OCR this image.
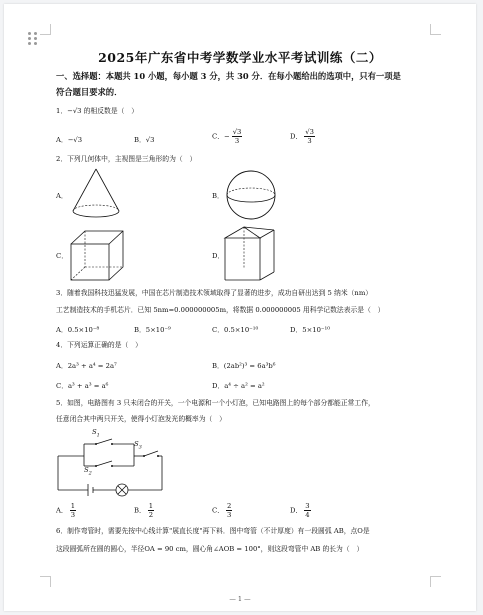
2025年广东省中考学数学业水平考试训练（二）
一、选择题：本题共 10 小题，每小题 3 分，共 30 分．在每小题给出的选项中，只有一项是
符合题目要求的．
1．−√3 的相反数是（　）
A．−√3	B．√3	C．− $\frac{√3}{3}$	D． $\frac{√3}{3}$
2．下列几何体中，主视图是三角形的为（　）
A．	B．
C．	D．
3．随着我国科技迅猛发展，中国在芯片制造技术领域取得了显著的进步，成功自研出达到 5 纳米（nm）
工艺制造技术的手机芯片．已知 5nm=0.000000005m，将数据 0.000000005 用科学记数法表示是（　）
A．0.5×10⁻⁸	B．5×10⁻⁹	C．0.5×10⁻¹⁰	D．5×10⁻¹⁰
4．下列运算正确的是（　）
A．2a³ + a⁴ = 2a⁷	B．(2ab²)³ = 6a³b⁶
C．a³ + a³ = a⁶	D．a⁴ ÷ a² = a²
5．如图，电路图有 3 只未闭合的开关，一个电源和一个小灯泡，已知电路图上的每个部分都能正常工作，
任意闭合其中两只开关，使得小灯泡发光的概率为（　）
$S_1$
$S_3$
$S_2$
A． $\frac{1}{3}$	B． $\frac{1}{2}$	C． $\frac{2}{3}$	D． $\frac{3}{4}$
6．制作弯管时，需要先按中心线计算"展直长度"再下料．图中弯管（不计厚度）有一段圆弧 AB，点O是
这段圆弧所在圆的圆心，半径OA = 90 cm，圆心角∠AOB = 100°，则这段弯管中 AB 的长为（　）
— 1 —
